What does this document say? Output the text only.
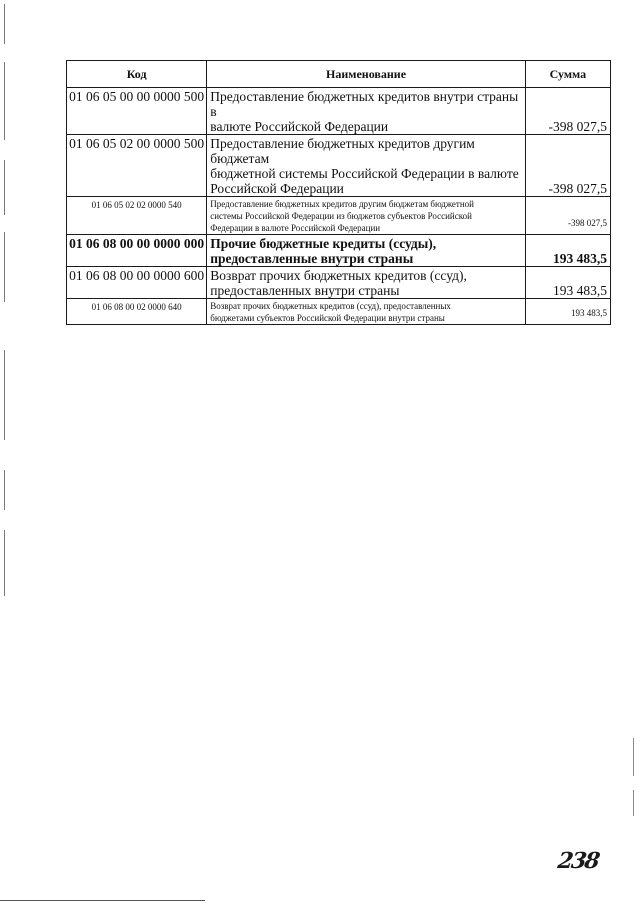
Код	Наименование	Сумма
01 06 05 00 00 0000 500	Предоставление бюджетных кредитов внутри страны в
валюте Российской Федерации	-398 027,5
01 06 05 02 00 0000 500	Предоставление бюджетных кредитов другим бюджетам
бюджетной системы Российской Федерации в валюте
Российской Федерации	-398 027,5
01 06 05 02 02 0000 540	Предоставление бюджетных кредитов другим бюджетам бюджетной
системы Российской Федерации из бюджетов субъектов Российской
Федерации в валюте Российской Федерации	-398 027,5
01 06 08 00 00 0000 000	Прочие бюджетные кредиты (ссуды),
предоставленные внутри страны	193 483,5
01 06 08 00 00 0000 600	Возврат прочих бюджетных кредитов (ссуд),
предоставленных внутри страны	193 483,5
01 06 08 00 02 0000 640	Возврат прочих бюджетных кредитов (ссуд), предоставленных
бюджетами субъектов Российской Федерации внутри страны	193 483,5
238
